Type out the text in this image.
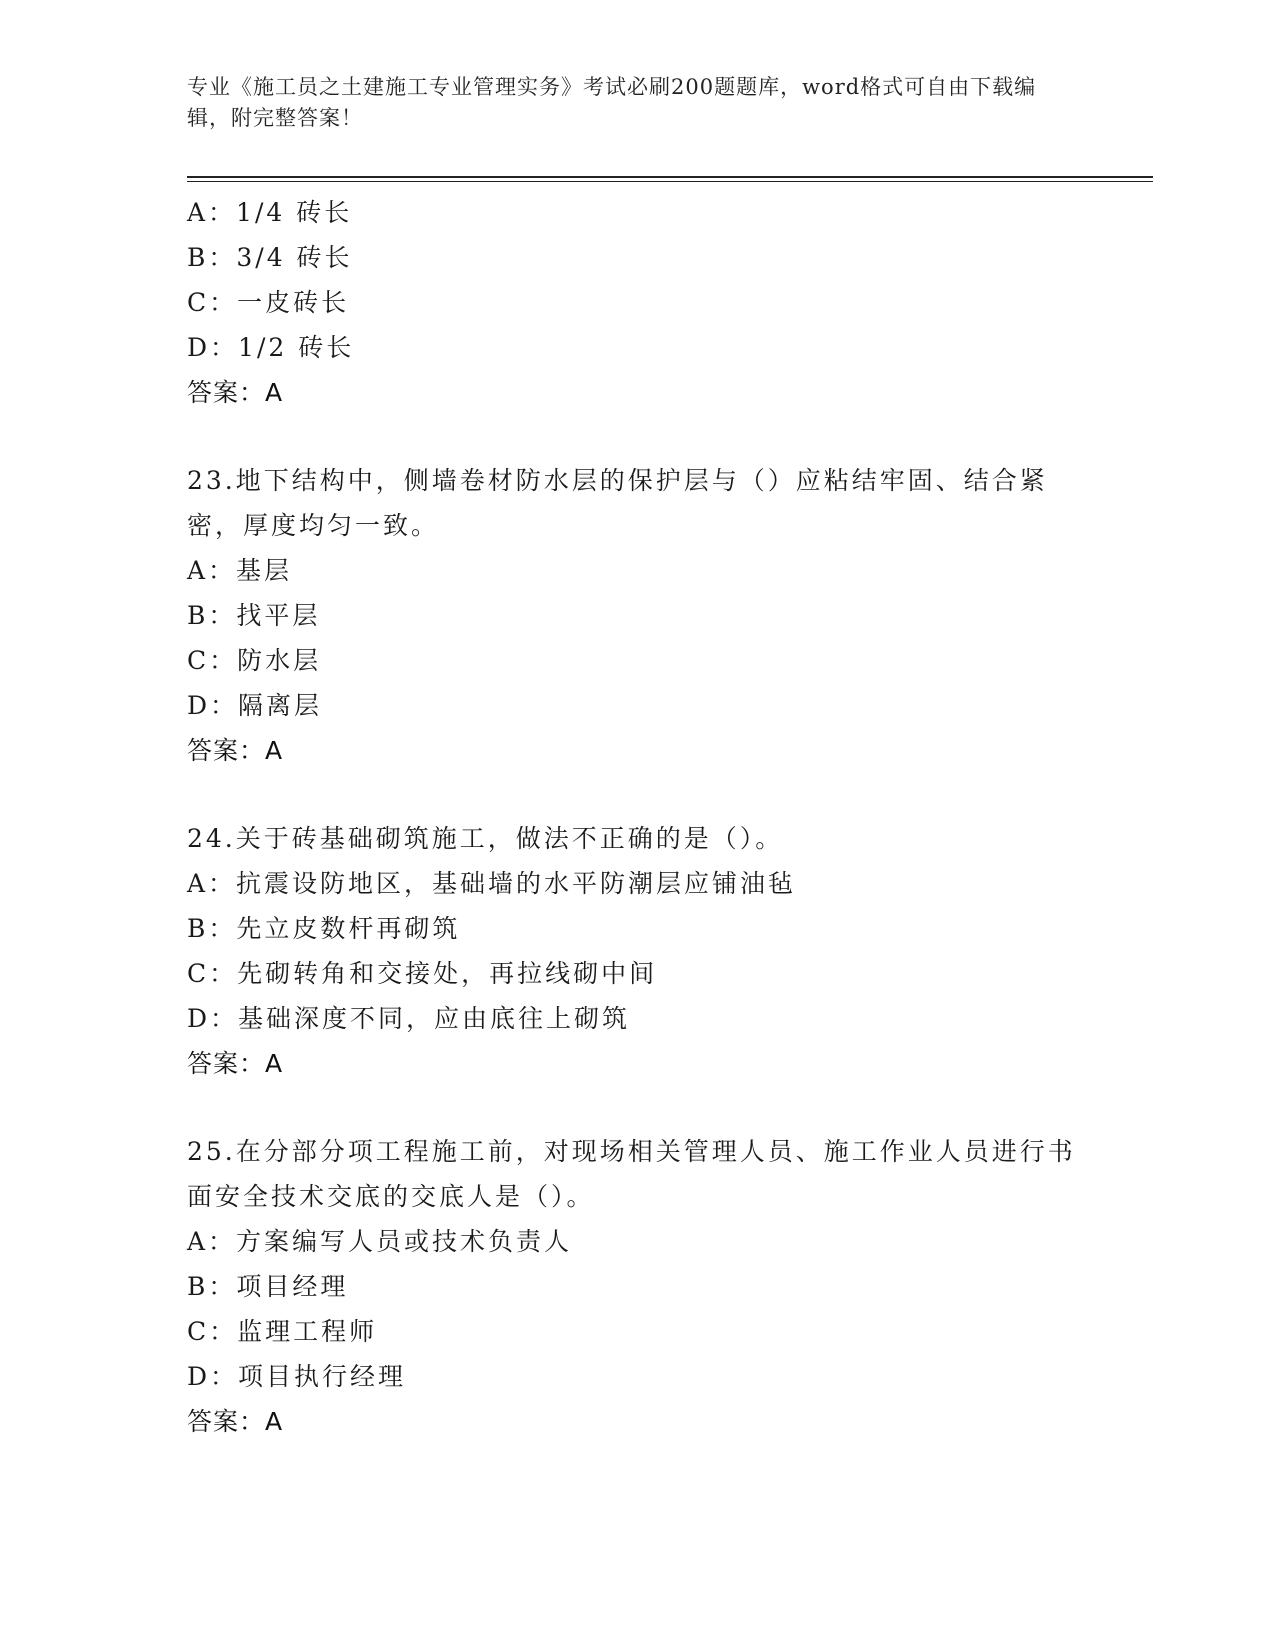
专业《施工员之土建施工专业管理实务》考试必刷200题题库，word格式可自由下载编辑，附完整答案！
A：1/4 砖长
B：3/4 砖长
C：一皮砖长
D：1/2 砖长
答案：A
23.地下结构中，侧墙卷材防水层的保护层与（）应粘结牢固、结合紧密，厚度均匀一致。
A：基层
B：找平层
C：防水层
D：隔离层
答案：A
24.关于砖基础砌筑施工，做法不正确的是（）。
A：抗震设防地区，基础墙的水平防潮层应铺油毡
B：先立皮数杆再砌筑
C：先砌转角和交接处，再拉线砌中间
D：基础深度不同，应由底往上砌筑
答案：A
25.在分部分项工程施工前，对现场相关管理人员、施工作业人员进行书面安全技术交底的交底人是（）。
A：方案编写人员或技术负责人
B：项目经理
C：监理工程师
D：项目执行经理
答案：A
